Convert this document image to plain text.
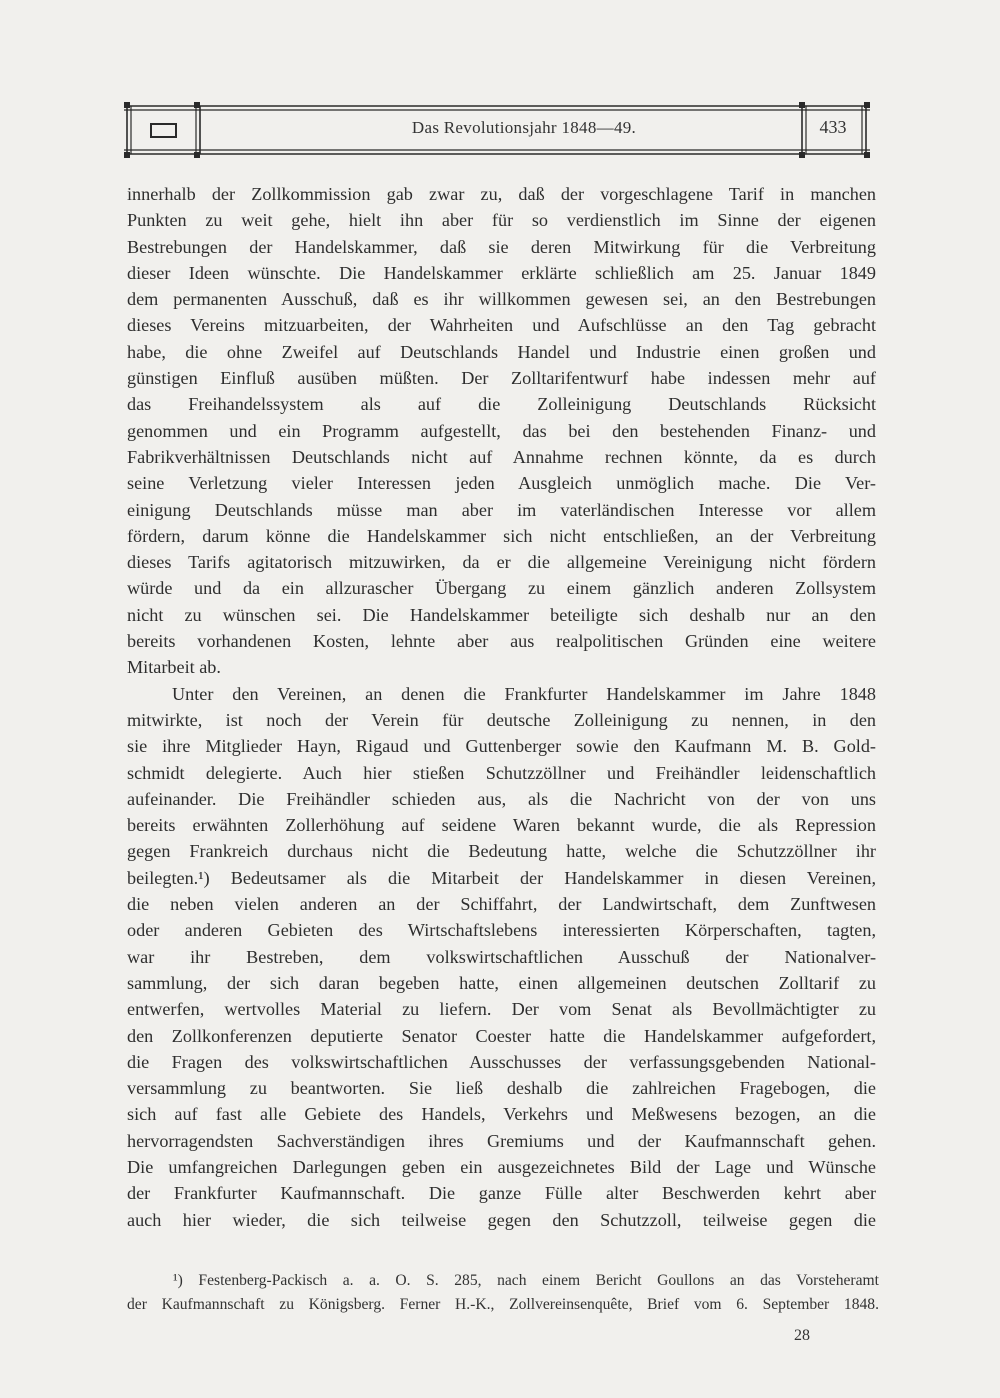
Das Revolutionsjahr 1848—49.	433
innerhalb der Zollkommission gab zwar zu, daß der vorgeschlagene Tarif in manchen
Punkten zu weit gehe, hielt ihn aber für so verdienstlich im Sinne der eigenen
Bestrebungen der Handelskammer, daß sie deren Mitwirkung für die Verbreitung
dieser Ideen wünschte. Die Handelskammer erklärte schließlich am 25. Januar 1849
dem permanenten Ausschuß, daß es ihr willkommen gewesen sei, an den Bestrebungen
dieses Vereins mitzuarbeiten, der Wahrheiten und Aufschlüsse an den Tag gebracht
habe, die ohne Zweifel auf Deutschlands Handel und Industrie einen großen und
günstigen Einfluß ausüben müßten. Der Zolltarifentwurf habe indessen mehr auf
das Freihandelssystem als auf die Zolleinigung Deutschlands Rücksicht
genommen und ein Programm aufgestellt, das bei den bestehenden Finanz- und
Fabrikverhältnissen Deutschlands nicht auf Annahme rechnen könnte, da es durch
seine Verletzung vieler Interessen jeden Ausgleich unmöglich mache. Die Ver-
einigung Deutschlands müsse man aber im vaterländischen Interesse vor allem
fördern, darum könne die Handelskammer sich nicht entschließen, an der Verbreitung
dieses Tarifs agitatorisch mitzuwirken, da er die allgemeine Vereinigung nicht fördern
würde und da ein allzurascher Übergang zu einem gänzlich anderen Zollsystem
nicht zu wünschen sei. Die Handelskammer beteiligte sich deshalb nur an den
bereits vorhandenen Kosten, lehnte aber aus realpolitischen Gründen eine weitere
Mitarbeit ab.
Unter den Vereinen, an denen die Frankfurter Handelskammer im Jahre 1848
mitwirkte, ist noch der Verein für deutsche Zolleinigung zu nennen, in den
sie ihre Mitglieder Hayn, Rigaud und Guttenberger sowie den Kaufmann M. B. Gold-
schmidt delegierte. Auch hier stießen Schutzzöllner und Freihändler leidenschaftlich
aufeinander. Die Freihändler schieden aus, als die Nachricht von der von uns
bereits erwähnten Zollerhöhung auf seidene Waren bekannt wurde, die als Repression
gegen Frankreich durchaus nicht die Bedeutung hatte, welche die Schutzzöllner ihr
beilegten.¹) Bedeutsamer als die Mitarbeit der Handelskammer in diesen Vereinen,
die neben vielen anderen an der Schiffahrt, der Landwirtschaft, dem Zunftwesen
oder anderen Gebieten des Wirtschaftslebens interessierten Körperschaften, tagten,
war ihr Bestreben, dem volkswirtschaftlichen Ausschuß der Nationalver-
sammlung, der sich daran begeben hatte, einen allgemeinen deutschen Zolltarif zu
entwerfen, wertvolles Material zu liefern. Der vom Senat als Bevollmächtigter zu
den Zollkonferenzen deputierte Senator Coester hatte die Handelskammer aufgefordert,
die Fragen des volkswirtschaftlichen Ausschusses der verfassungsgebenden National-
versammlung zu beantworten. Sie ließ deshalb die zahlreichen Fragebogen, die
sich auf fast alle Gebiete des Handels, Verkehrs und Meßwesens bezogen, an die
hervorragendsten Sachverständigen ihres Gremiums und der Kaufmannschaft gehen.
Die umfangreichen Darlegungen geben ein ausgezeichnetes Bild der Lage und Wünsche
der Frankfurter Kaufmannschaft. Die ganze Fülle alter Beschwerden kehrt aber
auch hier wieder, die sich teilweise gegen den Schutzzoll, teilweise gegen die
¹) Festenberg-Packisch a. a. O. S. 285, nach einem Bericht Goullons an das Vorsteheramt
der Kaufmannschaft zu Königsberg. Ferner H.-K., Zollvereinsenquête, Brief vom 6. September 1848.
28
